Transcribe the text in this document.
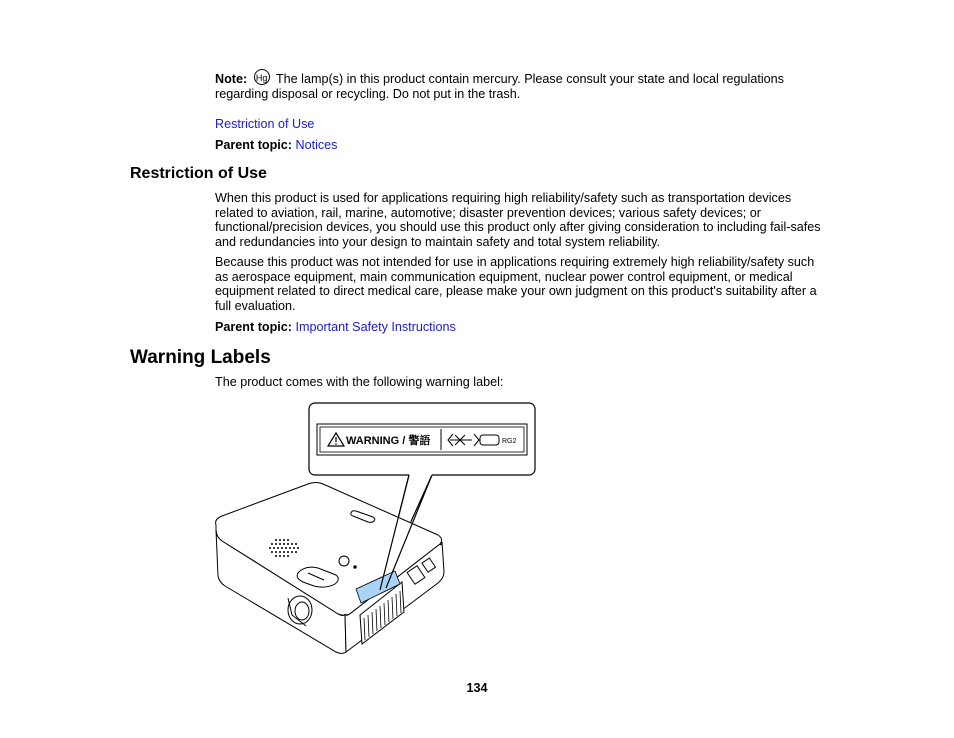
Note: Hg The lamp(s) in this product contain mercury. Please consult your state and local regulations regarding disposal or recycling. Do not put in the trash.
Restriction of Use
Parent topic: Notices
Restriction of Use
When this product is used for applications requiring high reliability/safety such as transportation devices related to aviation, rail, marine, automotive; disaster prevention devices; various safety devices; or functional/precision devices, you should use this product only after giving consideration to including fail-safes and redundancies into your design to maintain safety and total system reliability.
Because this product was not intended for use in applications requiring extremely high reliability/safety such as aerospace equipment, main communication equipment, nuclear power control equipment, or medical equipment related to direct medical care, please make your own judgment on this product's suitability after a full evaluation.
Parent topic: Important Safety Instructions
Warning Labels
The product comes with the following warning label:
WARNING / 警語	RG2
134
